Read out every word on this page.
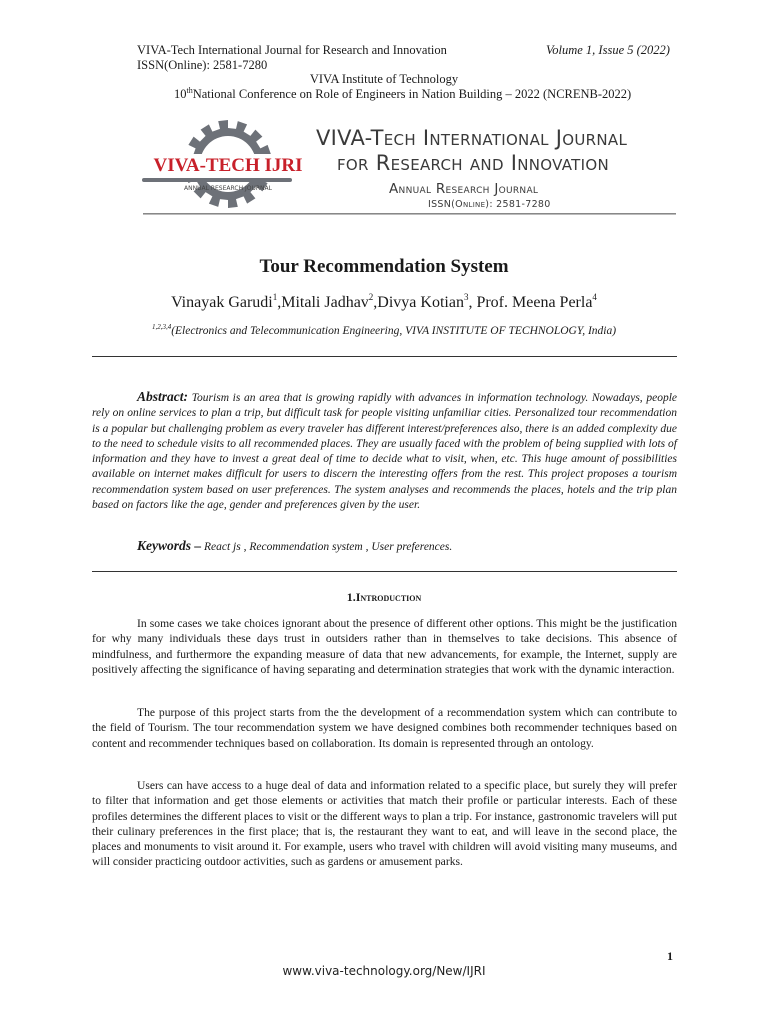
VIVA-Tech International Journal for Research and Innovation	Volume 1, Issue 5 (2022)
ISSN(Online): 2581-7280
VIVA Institute of Technology
10thNational Conference on Role of Engineers in Nation Building – 2022 (NCRENB-2022)
VIVA-TECH IJRI
ANNUAL RESEARCH JOURNAL
VIVA-Tech International Journal
for Research and Innovation
Annual Research Journal
ISSN(Online): 2581-7280
Tour Recommendation System
Vinayak Garudi$^1$,Mitali Jadhav$^2$,Divya Kotian$^3$, Prof. Meena Perla$^4$
$^{1,2,3,4}$(Electronics and Telecommunication Engineering, VIVA INSTITUTE OF TECHNOLOGY, India)
Abstract: Tourism is an area that is growing rapidly with advances in information technology. Nowadays, people rely on online services to plan a trip, but difficult task for people visiting unfamiliar cities. Personalized tour recommendation is a popular but challenging problem as every traveler has different interest/preferences also, there is an added complexity due to the need to schedule visits to all recommended places. They are usually faced with the problem of being supplied with lots of information and they have to invest a great deal of time to decide what to visit, when, etc. This huge amount of possibilities available on internet makes difficult for users to discern the interesting offers from the rest. This project proposes a tourism recommendation system based on user preferences. The system analyses and recommends the places, hotels and the trip plan based on factors like the age, gender and preferences given by the user.
Keywords – React js , Recommendation system , User preferences.
1.Introduction

In some cases we take choices ignorant about the presence of different other options. This might be the justification for why many individuals these days trust in outsiders rather than in themselves to take decisions. This absence of mindfulness, and furthermore the expanding measure of data that new advancements, for example, the Internet, supply are positively affecting the significance of having separating and determination strategies that work with the dynamic interaction.

The purpose of this project starts from the the development of a recommendation system which can contribute to the field of Tourism. The tour recommendation system we have designed combines both recommender techniques based on content and recommender techniques based on collaboration. Its domain is represented through an ontology.

Users can have access to a huge deal of data and information related to a specific place, but surely they will prefer to filter that information and get those elements or activities that match their profile or particular interests. Each of these profiles determines the different places to visit or the different ways to plan a trip. For instance, gastronomic travelers will put their culinary preferences in the first place; that is, the restaurant they want to eat, and will leave in the second place, the places and monuments to visit around it. For example, users who travel with children will avoid visiting many museums, and will consider practicing outdoor activities, such as gardens or amusement parks.

1
www.viva-technology.org/New/IJRI
